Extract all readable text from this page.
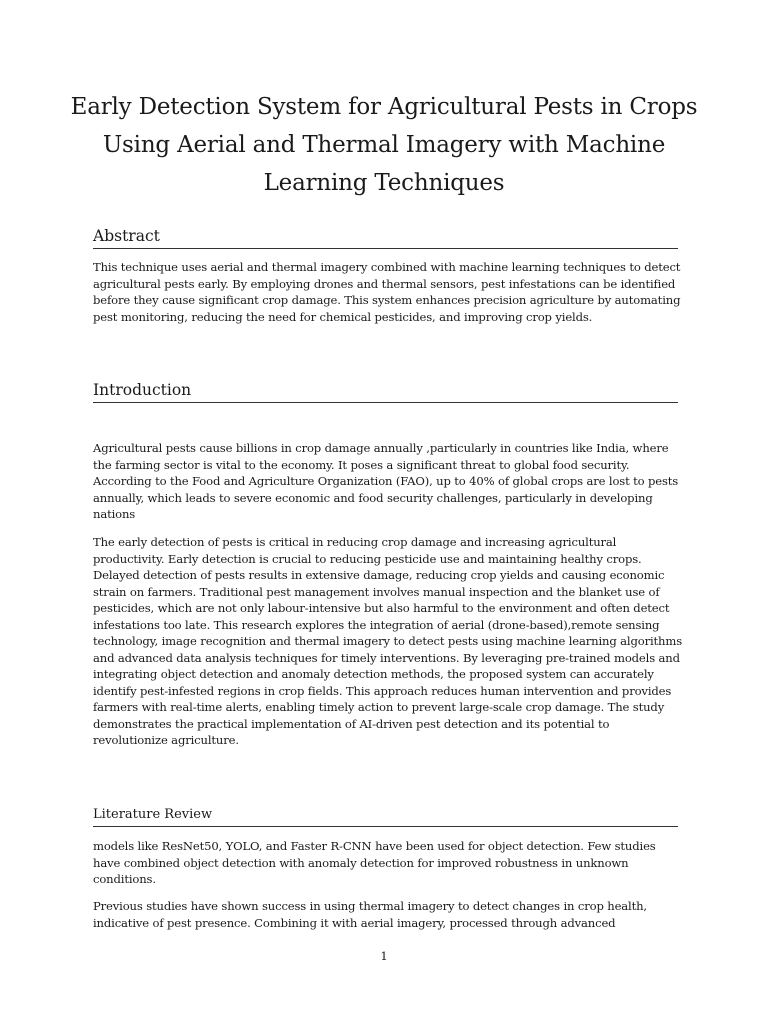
Early Detection System for Agricultural Pests in Crops Using Aerial and Thermal Imagery with Machine Learning Techniques
Abstract

This technique uses aerial and thermal imagery combined with machine learning techniques to detect agricultural pests early. By employing drones and thermal sensors, pest infestations can be identified before they cause significant crop damage. This system enhances precision agriculture by automating pest monitoring, reducing the need for chemical pesticides, and improving crop yields.

Introduction

Agricultural pests cause billions in crop damage annually ,particularly in countries like India, where the farming sector is vital to the economy. It poses a significant threat to global food security. According to the Food and Agriculture Organization (FAO), up to 40% of global crops are lost to pests annually, which leads to severe economic and food security challenges, particularly in developing nations

The early detection of pests is critical in reducing crop damage and increasing agricultural productivity. Early detection is crucial to reducing pesticide use and maintaining healthy crops. Delayed detection of pests results in extensive damage, reducing crop yields and causing economic strain on farmers. Traditional pest management involves manual inspection and the blanket use of pesticides, which are not only labour-intensive but also harmful to the environment and often detect infestations too late. This research explores the integration of aerial (drone-based),remote sensing technology, image recognition and thermal imagery to detect pests using machine learning algorithms and advanced data analysis techniques for timely interventions. By leveraging pre-trained models and integrating object detection and anomaly detection methods, the proposed system can accurately identify pest-infested regions in crop fields. This approach reduces human intervention and provides farmers with real-time alerts, enabling timely action to prevent large-scale crop damage. The study demonstrates the practical implementation of AI-driven pest detection and its potential to revolutionize agriculture.

Literature Review

models like ResNet50, YOLO, and Faster R-CNN have been used for object detection. Few studies have combined object detection with anomaly detection for improved robustness in unknown conditions.

Previous studies have shown success in using thermal imagery to detect changes in crop health, indicative of pest presence. Combining it with aerial imagery, processed through advanced

1
